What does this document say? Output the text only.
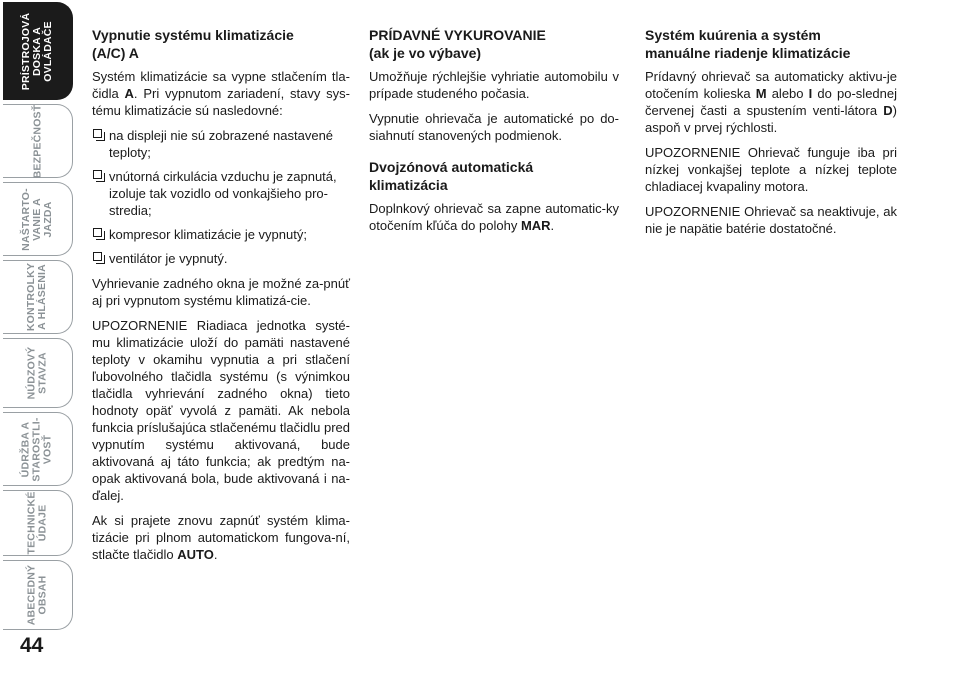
PRÍSTROJOVÁ
DOSKA A
OVLÁDAČE
BEZPEČNOSŤ
NAŠTARTO-
VANIE A
JAZDA
KONTROLKY
A HLÁSENIA
NÚDZOVÝ
STAVZA
ÚDRŽBA A
STAROSTLI-
VOSŤ
TECHNICKÉ
ÚDAJE
ABECEDNÝ
OBSAH
44
Vypnutie systému klimatizácie
(A/C) A

Systém klimatizácie sa vypne stlačením tla-čidla A. Pri vypnutom zariadení, stavy sys-tému klimatizácie sú nasledovné:

na displeji nie sú zobrazené nastavené teploty;
vnútorná cirkulácia vzduchu je zapnutá, izoluje tak vozidlo od vonkajšieho pro-stredia;
kompresor klimatizácie je vypnutý;
ventilátor je vypnutý.

Vyhrievanie zadného okna je možné za-pnúť aj pri vypnutom systému klimatizá-cie.

UPOZORNENIE Riadiaca jednotka systé-mu klimatizácie uloží do pamäti nastavené teploty v okamihu vypnutia a pri stlačení ľubovolného tlačidla systému (s výnimkou tlačidla vyhrievání zadného okna) tieto hodnoty opäť vyvolá z pamäti. Ak nebola funkcia príslušajúca stlačenému tlačidlu pred vypnutím systému aktivovaná, bude aktivovaná aj táto funkcia; ak predtým na-opak aktivovaná bola, bude aktivovaná i na-ďalej.

Ak si prajete znovu zapnúť systém klima-tizácie pri plnom automatickom fungova-ní, stlačte tlačidlo AUTO.

PRÍDAVNÉ VYKUROVANIE
(ak je vo výbave)

Umožňuje rýchlejšie vyhriatie automobilu v prípade studeného počasia.

Vypnutie ohrievača je automatické po do-siahnutí stanovených podmienok.

Dvojzónová automatická
klimatizácia

Doplnkový ohrievač sa zapne automatic-ky otočením kľúča do polohy MAR.

Systém kuúrenia a systém
manuálne riadenje klimatizácie

Prídavný ohrievač sa automaticky aktivu-je otočením kolieska M alebo I do po-slednej červenej časti a spustením venti-látora D) aspoň v prvej rýchlosti.

UPOZORNENIE Ohrievač funguje iba pri nízkej vonkajšej teplote a nízkej teplote chladiacej kvapaliny motora.

UPOZORNENIE Ohrievač sa neaktivuje, ak nie je napätie batérie dostatočné.
